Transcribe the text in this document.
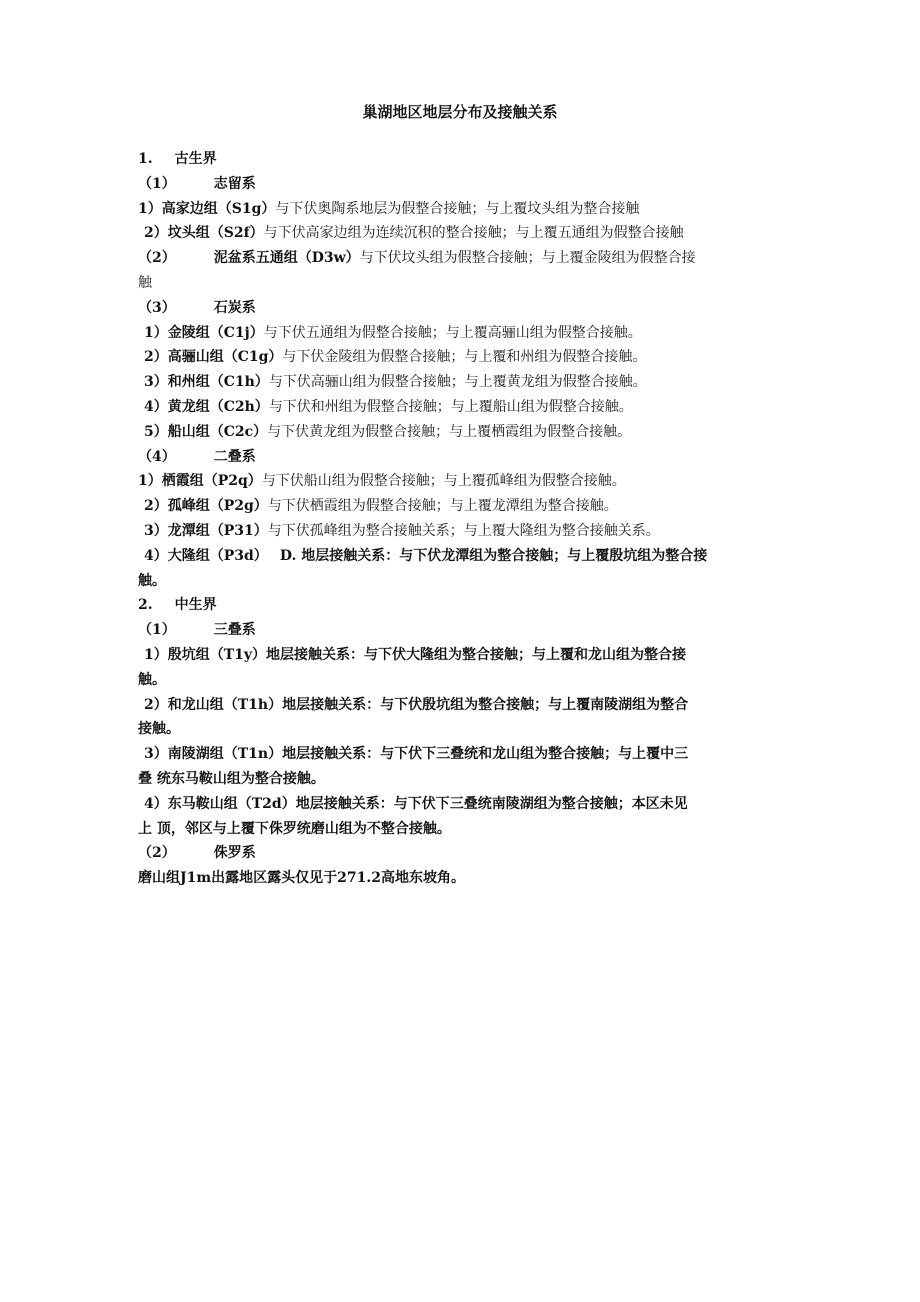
巢湖地区地层分布及接触关系
1. 古生界
（1）	志留系
1）高家边组（S1g）与下伏奥陶系地层为假整合接触；与上覆坟头组为整合接触
2）坟头组（S2f）与下伏高家边组为连续沉积的整合接触；与上覆五通组为假整合接触
（2）	泥盆系五通组（D3w）与下伏坟头组为假整合接触；与上覆金陵组为假整合接
触
（3）	石炭系
1）金陵组（C1j）与下伏五通组为假整合接触；与上覆高骊山组为假整合接触。
2）高骊山组（C1g）与下伏金陵组为假整合接触；与上覆和州组为假整合接触。
3）和州组（C1h）与下伏高骊山组为假整合接触；与上覆黄龙组为假整合接触。
4）黄龙组（C2h）与下伏和州组为假整合接触；与上覆船山组为假整合接触。
5）船山组（C2c）与下伏黄龙组为假整合接触；与上覆栖霞组为假整合接触。
（4）	二叠系
1）栖霞组（P2q）与下伏船山组为假整合接触；与上覆孤峰组为假整合接触。
2）孤峰组（P2g）与下伏栖霞组为假整合接触；与上覆龙潭组为整合接触。
3）龙潭组（P31）与下伏孤峰组为整合接触关系；与上覆大隆组为整合接触关系。
4）大隆组（P3d） D. 地层接触关系：与下伏龙潭组为整合接触；与上覆殷坑组为整合接
触。
2. 中生界
（1）	三叠系
1）殷坑组（T1y）地层接触关系：与下伏大隆组为整合接触；与上覆和龙山组为整合接
触。
2）和龙山组（T1h）地层接触关系：与下伏殷坑组为整合接触；与上覆南陵湖组为整合
接触。
3）南陵湖组（T1n）地层接触关系：与下伏下三叠统和龙山组为整合接触；与上覆中三
叠 统东马鞍山组为整合接触。
4）东马鞍山组（T2d）地层接触关系：与下伏下三叠统南陵湖组为整合接触；本区未见
上 顶，邻区与上覆下侏罗统磨山组为不整合接触。
（2）	侏罗系
磨山组J1m出露地区露头仅见于271.2高地东坡角。
